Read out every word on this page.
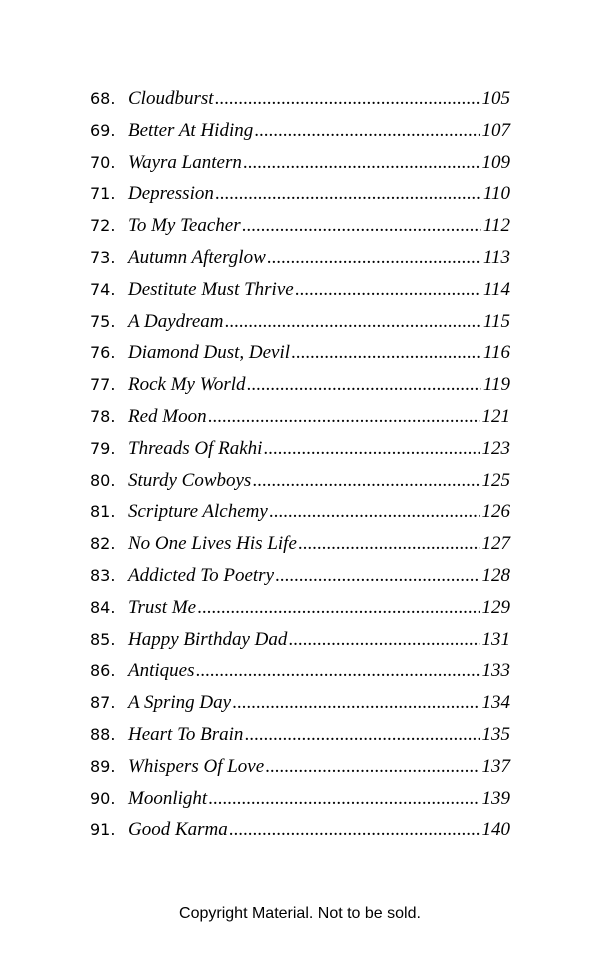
68. Cloudburst .....	105
69. Better At Hiding .....	107
70. Wayra Lantern .....	109
71. Depression .....	110
72. To My Teacher .....	112
73. Autumn Afterglow .....	113
74. Destitute Must Thrive .....	114
75. A Daydream .....	115
76. Diamond Dust, Devil .....	116
77. Rock My World .....	119
78. Red Moon .....	121
79. Threads Of Rakhi .....	123
80. Sturdy Cowboys .....	125
81. Scripture Alchemy .....	126
82. No One Lives His Life .....	127
83. Addicted To Poetry .....	128
84. Trust Me .....	129
85. Happy Birthday Dad .....	131
86. Antiques .....	133
87. A Spring Day .....	134
88. Heart To Brain .....	135
89. Whispers Of Love .....	137
90. Moonlight .....	139
91. Good Karma .....	140
Copyright Material. Not to be sold.
